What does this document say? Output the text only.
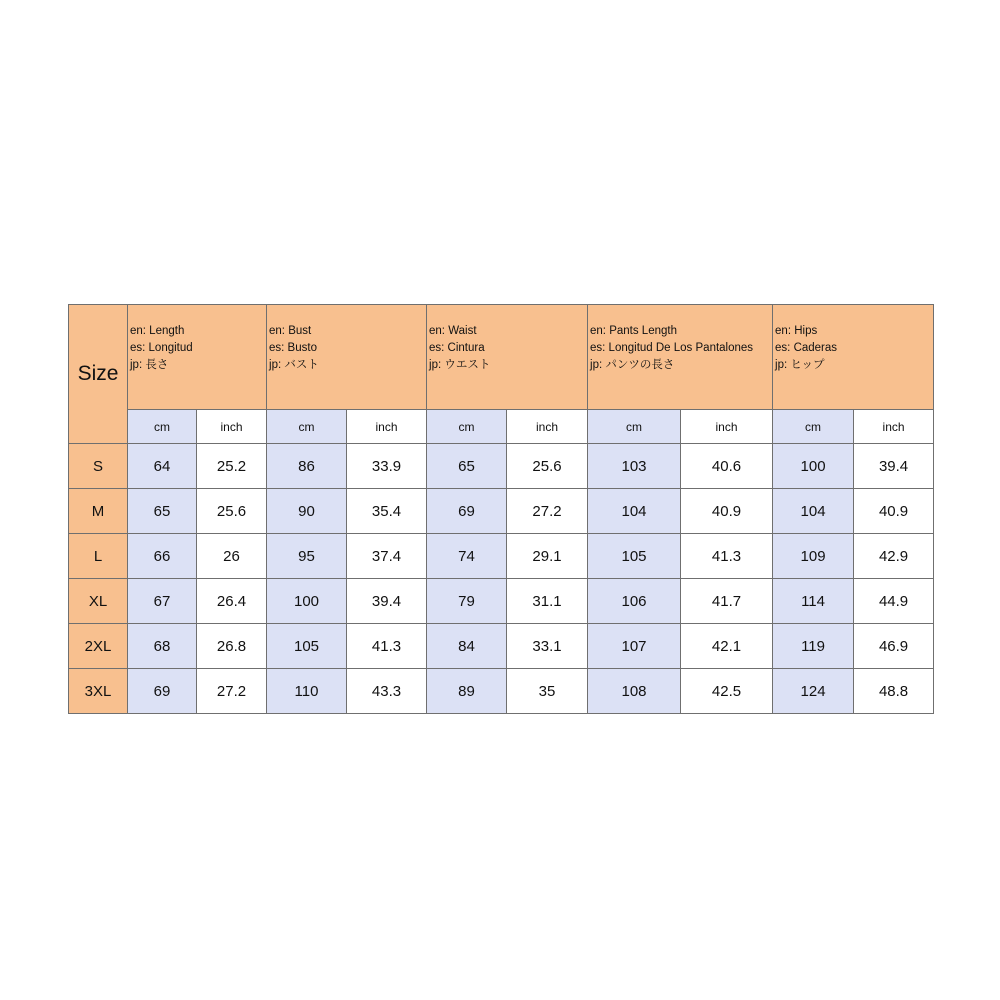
Size	en: Length
es: Longitud
jp: 長さ		en: Bust
es: Busto
jp: バスト		en: Waist
es: Cintura
jp: ウエスト		en: Pants Length
es: Longitud De Los Pantalones
jp: パンツの長さ		en: Hips
es: Caderas
jp: ヒップ	

	cm	inch	cm	inch	cm	inch	cm	inch	cm	inch
S	64	25.2	86	33.9	65	25.6	103	40.6	100	39.4
M	65	25.6	90	35.4	69	27.2	104	40.9	104	40.9
L	66	26	95	37.4	74	29.1	105	41.3	109	42.9
XL	67	26.4	100	39.4	79	31.1	106	41.7	114	44.9
2XL	68	26.8	105	41.3	84	33.1	107	42.1	119	46.9
3XL	69	27.2	110	43.3	89	35	108	42.5	124	48.8
